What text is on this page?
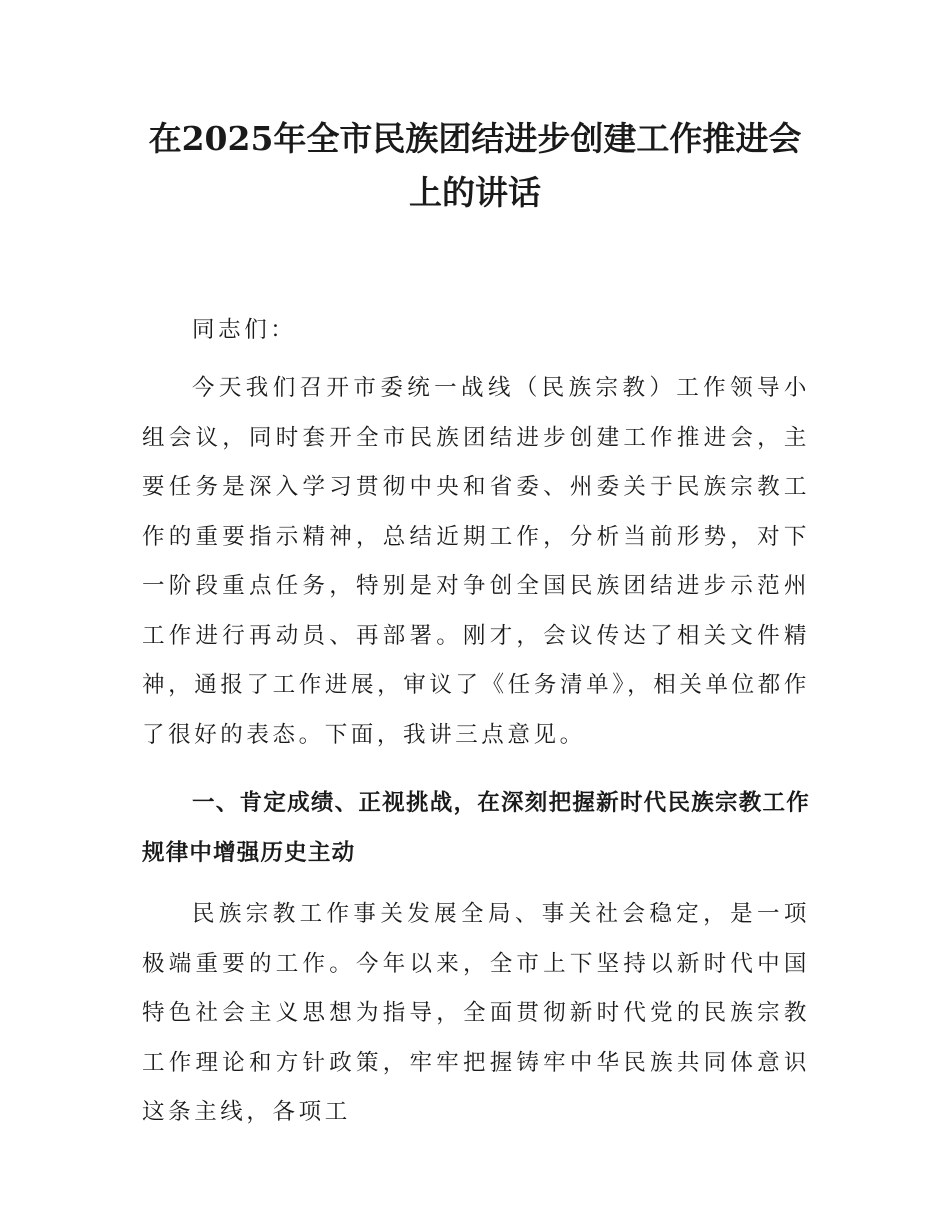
在2025年全市民族团结进步创建工作推进会上的讲话

同志们：

今天我们召开市委统一战线（民族宗教）工作领导小组会议，同时套开全市民族团结进步创建工作推进会，主要任务是深入学习贯彻中央和省委、州委关于民族宗教工作的重要指示精神，总结近期工作，分析当前形势，对下一阶段重点任务，特别是对争创全国民族团结进步示范州工作进行再动员、再部署。刚才，会议传达了相关文件精神，通报了工作进展，审议了《任务清单》，相关单位都作了很好的表态。下面，我讲三点意见。

一、肯定成绩、正视挑战，在深刻把握新时代民族宗教工作规律中增强历史主动

民族宗教工作事关发展全局、事关社会稳定，是一项极端重要的工作。今年以来，全市上下坚持以新时代中国特色社会主义思想为指导，全面贯彻新时代党的民族宗教工作理论和方针政策，牢牢把握铸牢中华民族共同体意识这条主线，各项工
